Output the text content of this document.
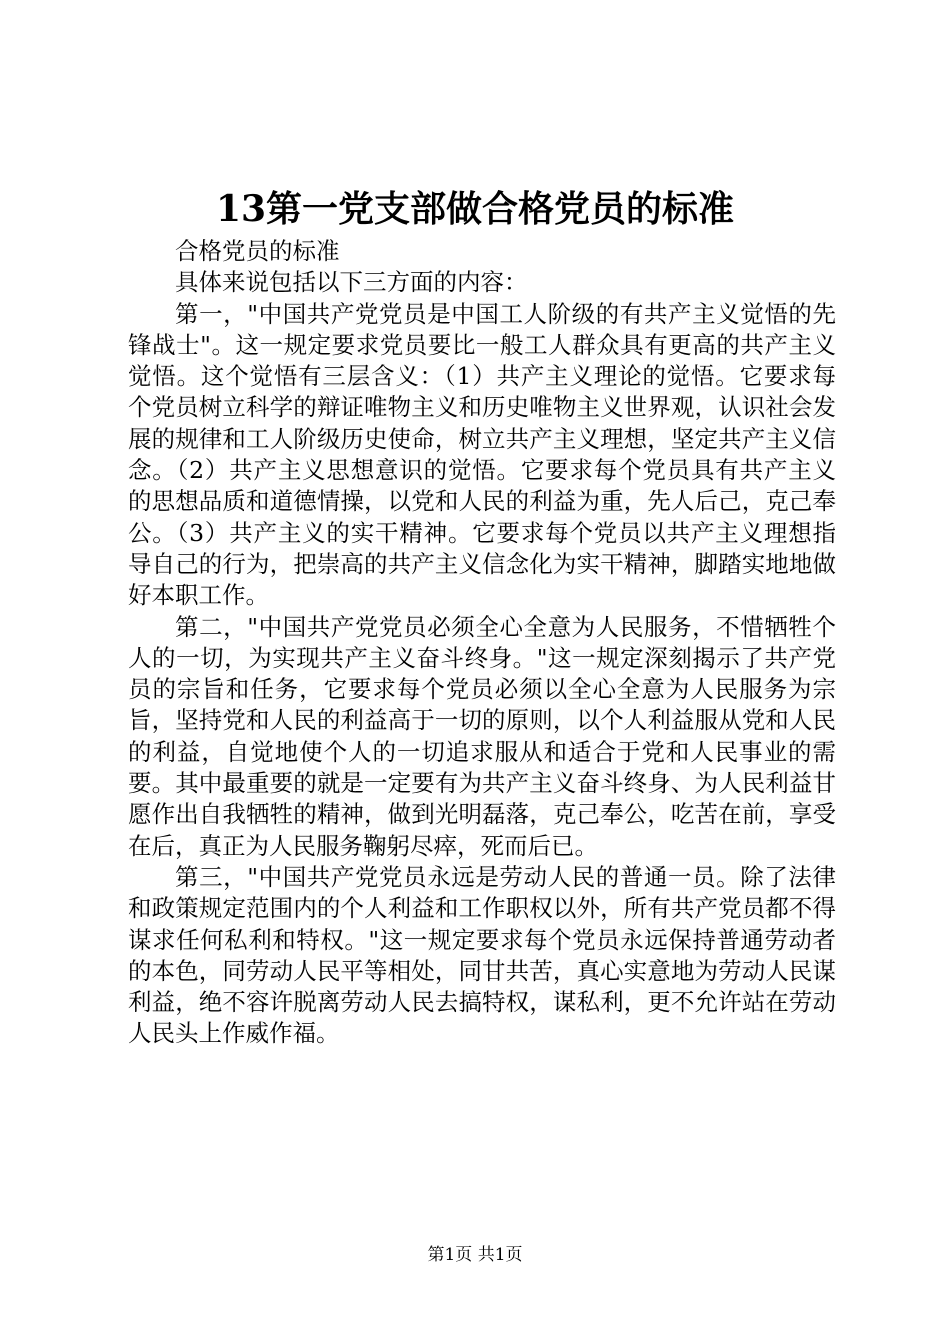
13第一党支部做合格党员的标准

合格党员的标准

具体来说包括以下三方面的内容：

第一，"中国共产党党员是中国工人阶级的有共产主义觉悟的先锋战士"。这一规定要求党员要比一般工人群众具有更高的共产主义觉悟。这个觉悟有三层含义：（1）共产主义理论的觉悟。它要求每个党员树立科学的辩证唯物主义和历史唯物主义世界观，认识社会发展的规律和工人阶级历史使命，树立共产主义理想，坚定共产主义信念。（2）共产主义思想意识的觉悟。它要求每个党员具有共产主义的思想品质和道德情操，以党和人民的利益为重，先人后己，克己奉公。（3）共产主义的实干精神。它要求每个党员以共产主义理想指导自己的行为，把崇高的共产主义信念化为实干精神，脚踏实地地做好本职工作。

第二，"中国共产党党员必须全心全意为人民服务，不惜牺牲个人的一切，为实现共产主义奋斗终身。"这一规定深刻揭示了共产党员的宗旨和任务，它要求每个党员必须以全心全意为人民服务为宗旨，坚持党和人民的利益高于一切的原则，以个人利益服从党和人民的利益，自觉地使个人的一切追求服从和适合于党和人民事业的需要。其中最重要的就是一定要有为共产主义奋斗终身、为人民利益甘愿作出自我牺牲的精神，做到光明磊落，克己奉公，吃苦在前，享受在后，真正为人民服务鞠躬尽瘁，死而后已。

第三，"中国共产党党员永远是劳动人民的普通一员。除了法律和政策规定范围内的个人利益和工作职权以外，所有共产党员都不得谋求任何私利和特权。"这一规定要求每个党员永远保持普通劳动者的本色，同劳动人民平等相处，同甘共苦，真心实意地为劳动人民谋利益，绝不容许脱离劳动人民去搞特权，谋私利，更不允许站在劳动人民头上作威作福。

第1页 共1页
